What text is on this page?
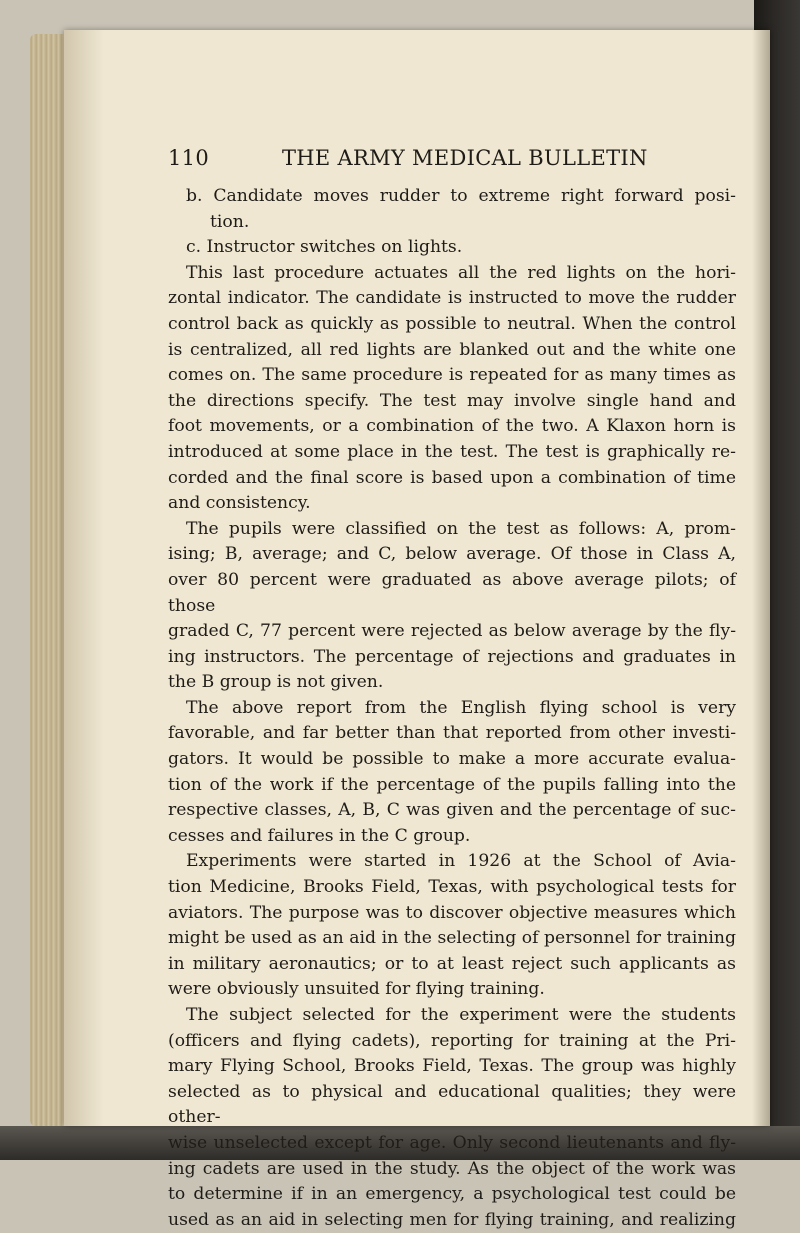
110	THE ARMY MEDICAL BULLETIN
b. Candidate moves rudder to extreme right forward posi-
tion.
c. Instructor switches on lights.
This last procedure actuates all the red lights on the hori-
zontal indicator. The candidate is instructed to move the rudder
control back as quickly as possible to neutral. When the control
is centralized, all red lights are blanked out and the white one
comes on. The same procedure is repeated for as many times as
the directions specify. The test may involve single hand and
foot movements, or a combination of the two. A Klaxon horn is
introduced at some place in the test. The test is graphically re-
corded and the final score is based upon a combination of time
and consistency.
The pupils were classified on the test as follows: A, prom-
ising; B, average; and C, below average. Of those in Class A,
over 80 percent were graduated as above average pilots; of those
graded C, 77 percent were rejected as below average by the fly-
ing instructors. The percentage of rejections and graduates in
the B group is not given.
The above report from the English flying school is very
favorable, and far better than that reported from other investi-
gators. It would be possible to make a more accurate evalua-
tion of the work if the percentage of the pupils falling into the
respective classes, A, B, C was given and the percentage of suc-
cesses and failures in the C group.
Experiments were started in 1926 at the School of Avia-
tion Medicine, Brooks Field, Texas, with psychological tests for
aviators. The purpose was to discover objective measures which
might be used as an aid in the selecting of personnel for training
in military aeronautics; or to at least reject such applicants as
were obviously unsuited for flying training.
The subject selected for the experiment were the students
(officers and flying cadets), reporting for training at the Pri-
mary Flying School, Brooks Field, Texas. The group was highly
selected as to physical and educational qualities; they were other-
wise unselected except for age. Only second lieutenants and fly-
ing cadets are used in the study. As the object of the work was
to determine if in an emergency, a psychological test could be
used as an aid in selecting men for flying training, and realizing
